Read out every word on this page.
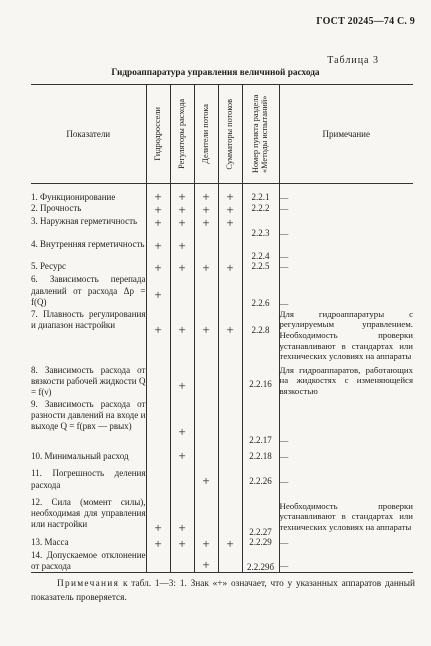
ГОСТ 20245—74 С. 9
Таблица 3
Гидроаппаратура управления величиной расхода
Показатели	Гидродроссели	Регуляторы расхода	Делители потока	Сумматоры потоков	Номер пункта раздела «Методы испытаний»	Примечание
1. Функционирование	+	+	+	+	2.2.1	—
2. Прочность	+	+	+	+	2.2.2	—
3. Наружная герметичность	+	+	+	+	2.2.3	—
4. Внутренняя герметичность	+	+			2.2.4	—
5. Ресурс	+	+	+	+	2.2.5	—
6. Зависимость перепада давлений от расхода Δp = f(Q)	+				2.2.6	—
7. Плавность регулирования и диапазон настройки	+	+	+	+	2.2.8	Для гидроаппаратуры с регулируемым управлением. Необходимость проверки устанавливают в стандартах или технических условиях на аппараты
8. Зависимость расхода от вязкости рабочей жидкости Q = f(ν)		+			2.2.16	Для гидроаппаратов, работающих на жидкостях с изменяющейся вязкостью
9. Зависимость расхода от разности давлений на входе и выходе Q = f(pвх — pвых)		+			2.2.17	—
10. Минимальный расход		+			2.2.18	—
11. Погрешность деления расхода			+		2.2.26	—
12. Сила (момент силы), необходимая для управления или настройки	+	+			2.2.27	Необходимость проверки устанавливают в стандартах или технических условиях на аппараты
13. Масса	+	+	+	+	2.2.29	—
14. Допускаемое отклонение от расхода			+		2.2.29б	—
Примечания к табл. 1—3: 1. Знак «+» означает, что у указанных аппаратов данный показатель проверяется.
